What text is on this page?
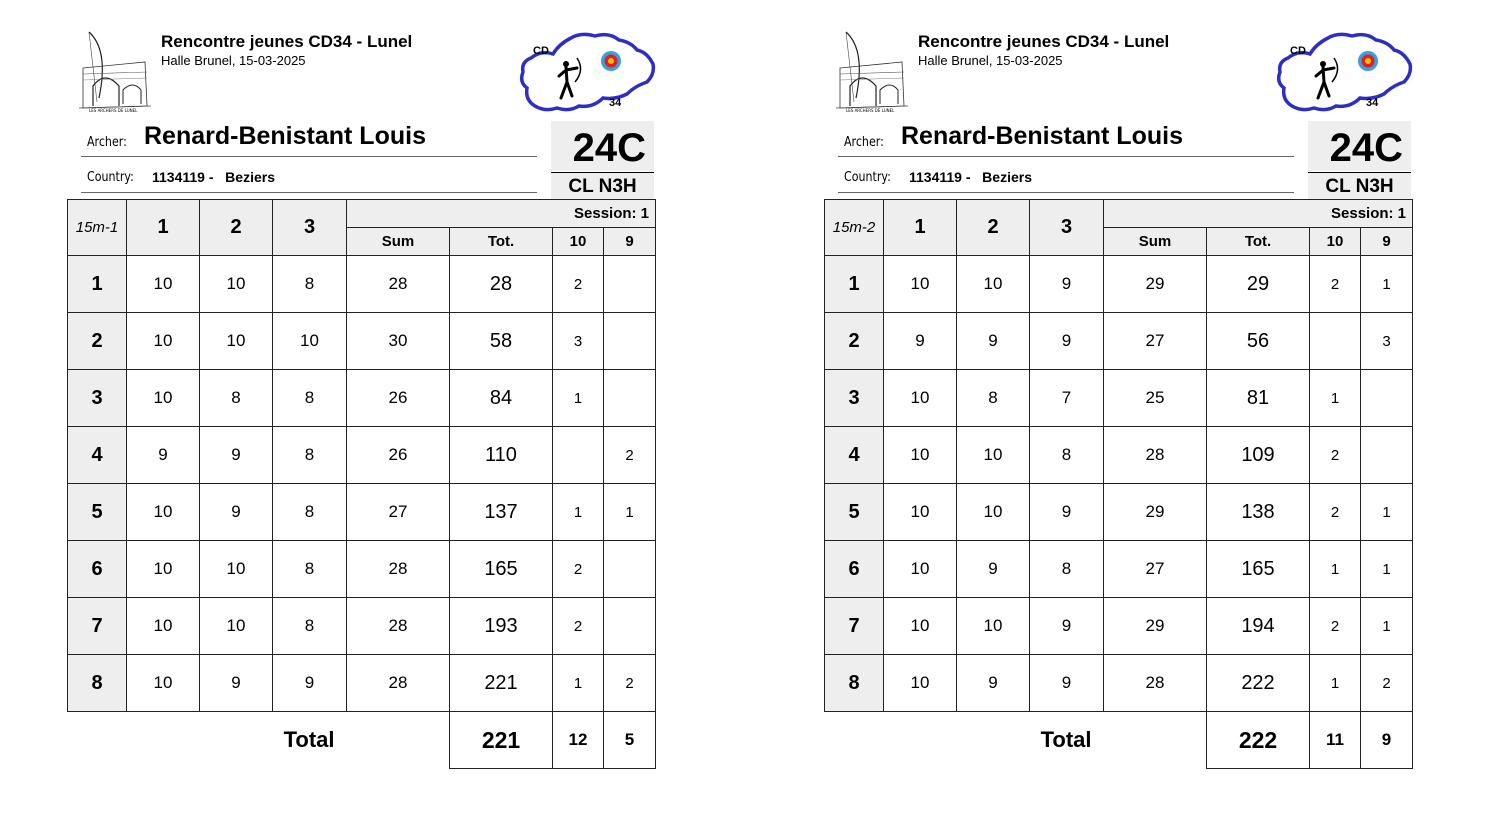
LES ARCHERS DE LUNEL
Rencontre jeunes CD34 - Lunel
Halle Brunel, 15-03-2025
CD
34
Archer: Renard-Benistant Louis
Country: 1134119 -   Beziers
24C
CL N3H
15m-1	1	2	3	Session: 1			
				Sum	Tot.	10	9
1	10	10	8	28	28	2	
2	10	10	10	30	58	3	
3	10	8	8	26	84	1	
4	9	9	8	26	110		2
5	10	9	8	27	137	1	1
6	10	10	8	28	165	2	
7	10	10	8	28	193	2	
8	10	9	9	28	221	1	2
Total					221	12	5
LES ARCHERS DE LUNEL
Rencontre jeunes CD34 - Lunel
Halle Brunel, 15-03-2025
CD
34
Archer: Renard-Benistant Louis
Country: 1134119 -   Beziers
24C
CL N3H
15m-2	1	2	3	Session: 1			
				Sum	Tot.	10	9
1	10	10	9	29	29	2	1
2	9	9	9	27	56		3
3	10	8	7	25	81	1	
4	10	10	8	28	109	2	
5	10	10	9	29	138	2	1
6	10	9	8	27	165	1	1
7	10	10	9	29	194	2	1
8	10	9	9	28	222	1	2
Total					222	11	9
